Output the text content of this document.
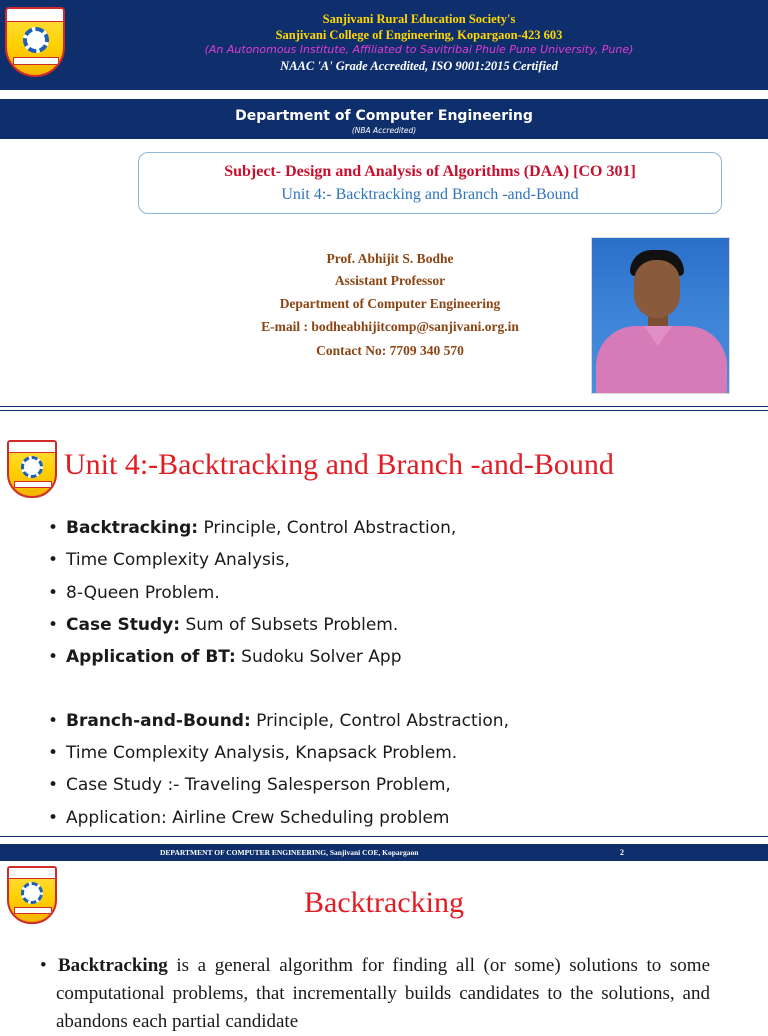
Sanjivani Rural Education Society's
Sanjivani College of Engineering, Kopargaon-423 603
(An Autonomous Institute, Affiliated to Savitribai Phule Pune University, Pune)
NAAC 'A' Grade Accredited, ISO 9001:2015 Certified
Department of Computer Engineering
(NBA Accredited)
Subject- Design and Analysis of Algorithms (DAA) [CO 301]
Unit 4:- Backtracking and Branch -and-Bound
Prof. Abhijit S. Bodhe
Assistant Professor
Department of Computer Engineering
E-mail : bodheabhijitcomp@sanjivani.org.in
Contact No: 7709 340 570
Unit 4:-Backtracking and Branch -and-Bound
• Backtracking: Principle, Control Abstraction,
• Time Complexity Analysis,
• 8-Queen Problem.
• Case Study: Sum of Subsets Problem.
• Application of BT: Sudoku Solver App
• Branch-and-Bound: Principle, Control Abstraction,
• Time Complexity Analysis, Knapsack Problem.
• Case Study :- Traveling Salesperson Problem,
• Application: Airline Crew Scheduling problem
DEPARTMENT OF COMPUTER ENGINEERING, Sanjivani COE, Kopargaon	2
Backtracking
• Backtracking is a general algorithm for finding all (or some) solutions to some computational problems, that incrementally builds candidates to the solutions, and abandons each partial candidate
